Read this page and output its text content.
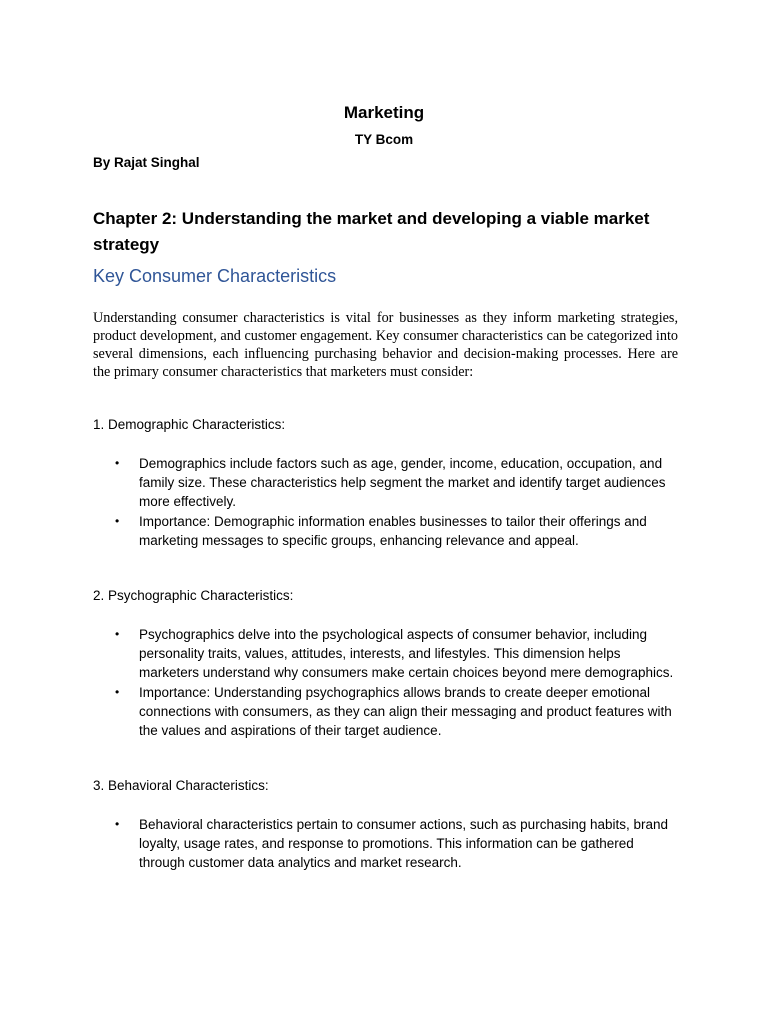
Marketing
TY Bcom
By Rajat Singhal
Chapter 2: Understanding the market and developing a viable market strategy
Key Consumer Characteristics
Understanding consumer characteristics is vital for businesses as they inform marketing strategies, product development, and customer engagement. Key consumer characteristics can be categorized into several dimensions, each influencing purchasing behavior and decision-making processes. Here are the primary consumer characteristics that marketers must consider:
1. Demographic Characteristics:
• Demographics include factors such as age, gender, income, education, occupation, and family size. These characteristics help segment the market and identify target audiences more effectively.
• Importance: Demographic information enables businesses to tailor their offerings and marketing messages to specific groups, enhancing relevance and appeal.
2. Psychographic Characteristics:
• Psychographics delve into the psychological aspects of consumer behavior, including personality traits, values, attitudes, interests, and lifestyles. This dimension helps marketers understand why consumers make certain choices beyond mere demographics.
• Importance: Understanding psychographics allows brands to create deeper emotional connections with consumers, as they can align their messaging and product features with the values and aspirations of their target audience.
3. Behavioral Characteristics:
• Behavioral characteristics pertain to consumer actions, such as purchasing habits, brand loyalty, usage rates, and response to promotions. This information can be gathered through customer data analytics and market research.
